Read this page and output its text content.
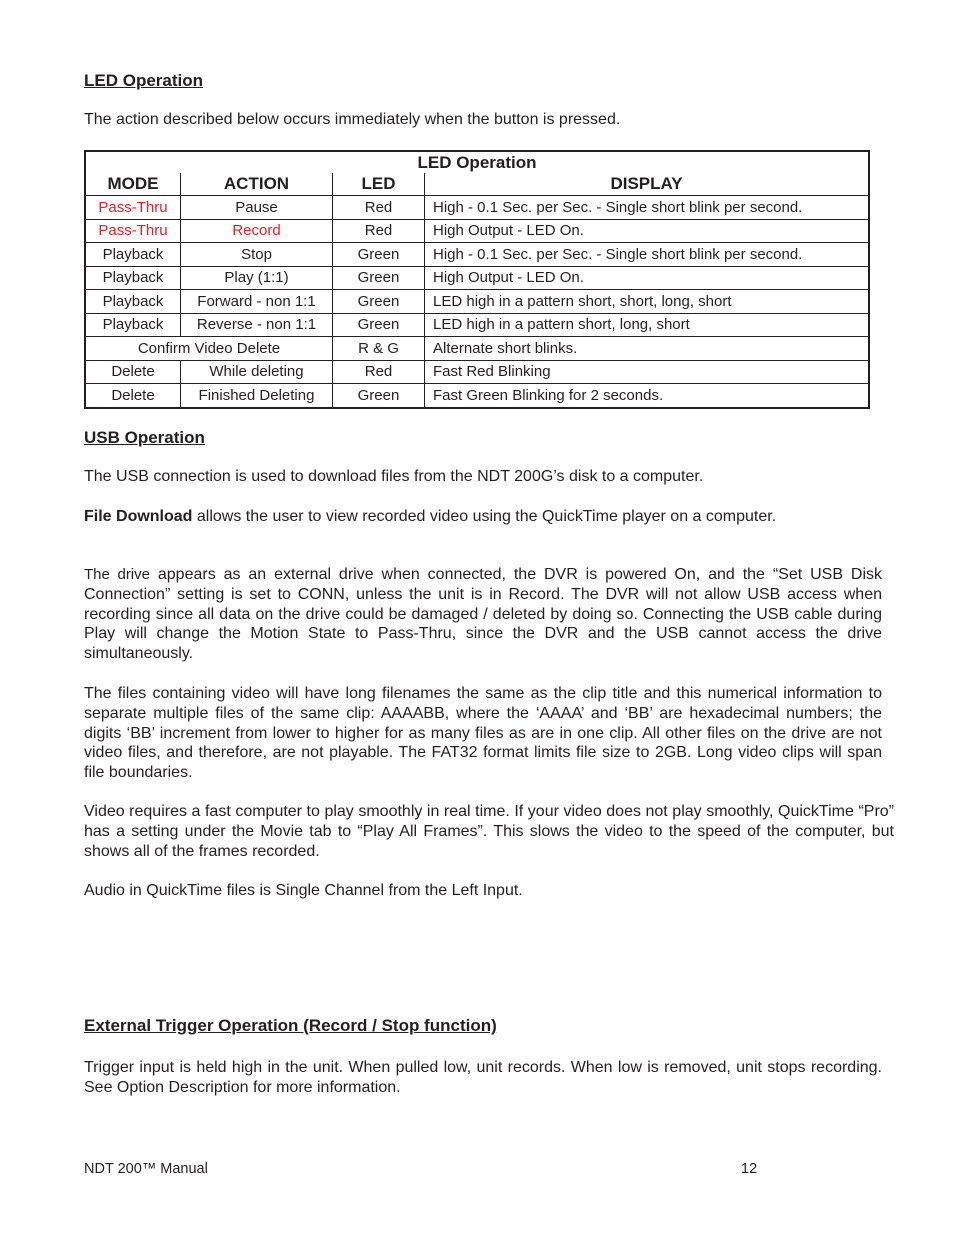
LED Operation

The action described below occurs immediately when the button is pressed.

LED Operation			
MODE	ACTION	LED	DISPLAY
Pass-Thru	Pause	Red	High - 0.1 Sec. per Sec. - Single short blink per second.
Pass-Thru	Record	Red	High Output - LED On.
Playback	Stop	Green	High - 0.1 Sec. per Sec. - Single short blink per second.
Playback	Play (1:1)	Green	High Output - LED On.
Playback	Forward - non 1:1	Green	LED high in a pattern short, short, long, short
Playback	Reverse - non 1:1	Green	LED high in a pattern short, long, short
Confirm Video Delete		R & G	Alternate short blinks.
Delete	While deleting	Red	Fast Red Blinking
Delete	Finished Deleting	Green	Fast Green Blinking for 2 seconds.
USB Operation

The USB connection is used to download files from the NDT 200G’s disk to a computer.

File Download allows the user to view recorded video using the QuickTime player on a computer.

The drive appears as an external drive when connected, the DVR is powered On, and the “Set USB Disk Connection” setting is set to CONN, unless the unit is in Record. The DVR will not allow USB access when recording since all data on the drive could be damaged / deleted by doing so. Connecting the USB cable during Play will change the Motion State to Pass-Thru, since the DVR and the USB cannot access the drive simultaneously.

The files containing video will have long filenames the same as the clip title and this numerical information to separate multiple files of the same clip: AAAABB, where the ‘AAAA’ and ‘BB’ are hexadecimal numbers; the digits ‘BB’ increment from lower to higher for as many files as are in one clip. All other files on the drive are not video files, and therefore, are not playable. The FAT32 format limits file size to 2GB. Long video clips will span file boundaries.

Video requires a fast computer to play smoothly in real time. If your video does not play smoothly, QuickTime “Pro” has a setting under the Movie tab to “Play All Frames”. This slows the video to the speed of the computer, but shows all of the frames recorded.

Audio in QuickTime files is Single Channel from the Left Input.

External Trigger Operation (Record / Stop function)

Trigger input is held high in the unit. When pulled low, unit records. When low is removed, unit stops recording. See Option Description for more information.

NDT 200™ Manual	12
